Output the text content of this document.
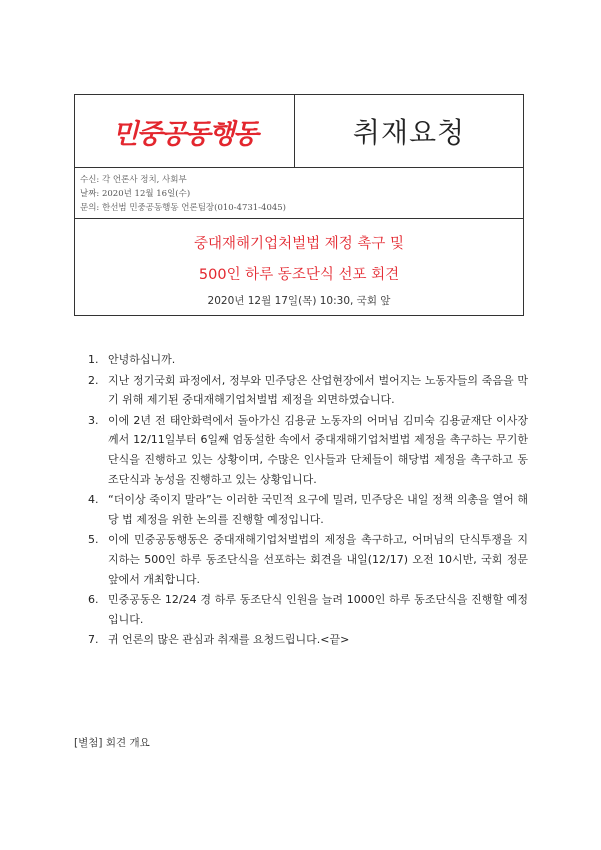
민중공동행동	취재요청
수신: 각 언론사 정치, 사회부
날짜: 2020년 12월 16일(수)
문의: 한선범 민중공동행동 언론팀장(010-4731-4045)
중대재해기업처벌법 제정 촉구 및
500인 하루 동조단식 선포 회견
2020년 12월 17일(목) 10:30, 국회 앞
1. 안녕하십니까.
2. 지난 정기국회 파정에서, 정부와 민주당은 산업현장에서 벌어지는 노동자들의 죽음을 막기 위해 제기된 중대재해기업처벌법 제정을 외면하였습니다.
3. 이에 2년 전 태안화력에서 돌아가신 김용균 노동자의 어머님 김미숙 김용균재단 이사장께서 12/11일부터 6일째 엄동설한 속에서 중대재해기업처벌법 제정을 촉구하는 무기한 단식을 진행하고 있는 상황이며, 수많은 인사들과 단체들이 해당법 제정을 촉구하고 동조단식과 농성을 진행하고 있는 상황입니다.
4. “더이상 죽이지 말라”는 이러한 국민적 요구에 밀려, 민주당은 내일 정책 의총을 열어 해당 법 제정을 위한 논의를 진행할 예정입니다.
5. 이에 민중공동행동은 중대재해기업처벌법의 제정을 촉구하고, 어머님의 단식투쟁을 지지하는 500인 하루 동조단식을 선포하는 회견을 내일(12/17) 오전 10시반, 국회 정문 앞에서 개최합니다.
6. 민중공동은 12/24 경 하루 동조단식 인원을 늘려 1000인 하루 동조단식을 진행할 예정입니다.
7. 귀 언론의 많은 관심과 취재를 요청드립니다.<끝>
[별첨] 회견 개요
